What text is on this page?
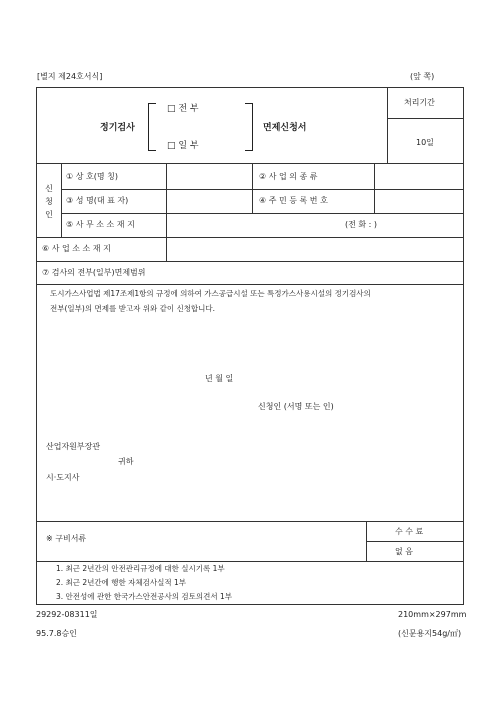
[별지 제24호서식]	(앞 쪽)
정기검사
□ 전 부
□ 일 부
면제신청서
처리기간
10일
신청인
① 상 호(명 칭)	② 사 업 의 종 류
③ 성 명(대 표 자)	④ 주 민 등 록 번 호
⑤ 사 무 소 소 재 지	(전 화 : )
⑥ 사 업 소 소 재 지
⑦ 검사의 전부(일부)면제범위
도시가스사업법 제17조제1항의 규정에 의하여 가스공급시설 또는 특정가스사용시설의 정기검사의
전부(일부)의 면제를 받고자 위와 같이 신청합니다.
년 월 일
신청인 (서명 또는 인)
산업자원부장관
귀하
시·도지사
※ 구비서류
수 수 료
없 음
1. 최근 2년간의 안전관리규정에 대한 실시기록 1부
2. 최근 2년간에 행한 자체검사실적 1부
3. 안전성에 관한 한국가스안전공사의 검토의견서 1부
29292-08311일	210mm×297mm
95.7.8승인	(신문용지54g/㎡)
